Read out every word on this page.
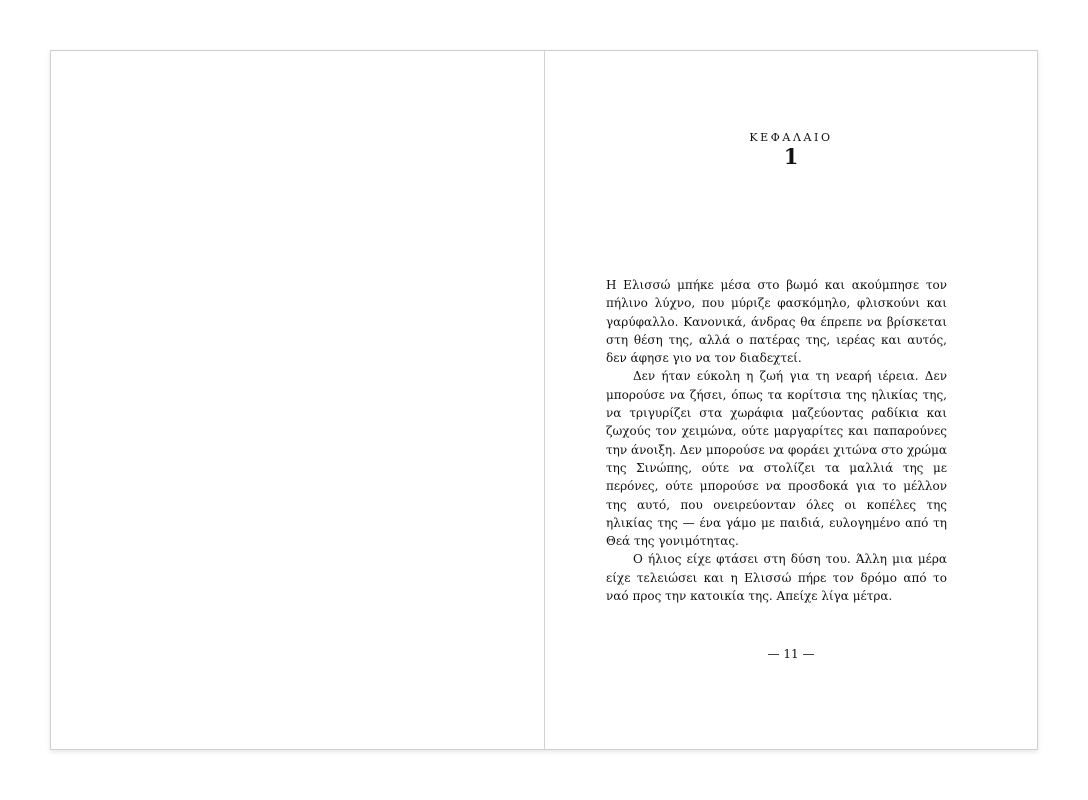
ΚΕΦΑΛΑΙΟ
1

Η Ελισσώ μπήκε μέσα στο βωμό και ακούμπησε τον πήλινο λύχνο, που μύριζε φασκόμηλο, φλισκούνι και γαρύφαλλο. Κανονικά, άνδρας θα έπρεπε να βρίσκεται στη θέση της, αλλά ο πατέρας της, ιερέας και αυτός, δεν άφησε γιο να τον διαδεχτεί.

Δεν ήταν εύκολη η ζωή για τη νεαρή ιέρεια. Δεν μπορούσε να ζήσει, όπως τα κορίτσια της ηλικίας της, να τριγυρίζει στα χωράφια μαζεύοντας ραδίκια και ζωχούς τον χειμώνα, ούτε μαργαρίτες και παπαρούνες την άνοιξη. Δεν μπορούσε να φοράει χιτώνα στο χρώμα της Σινώπης, ούτε να στολίζει τα μαλλιά της με περόνες, ούτε μπορούσε να προσδοκά για το μέλλον της αυτό, που ονειρεύονταν όλες οι κοπέλες της ηλικίας της — ένα γάμο με παιδιά, ευλογημένο από τη Θεά της γονιμότητας.

Ο ήλιος είχε φτάσει στη δύση του. Άλλη μια μέρα είχε τελειώσει και η Ελισσώ πήρε τον δρόμο από το ναό προς την κατοικία της. Απείχε λίγα μέτρα.

— 11 —
